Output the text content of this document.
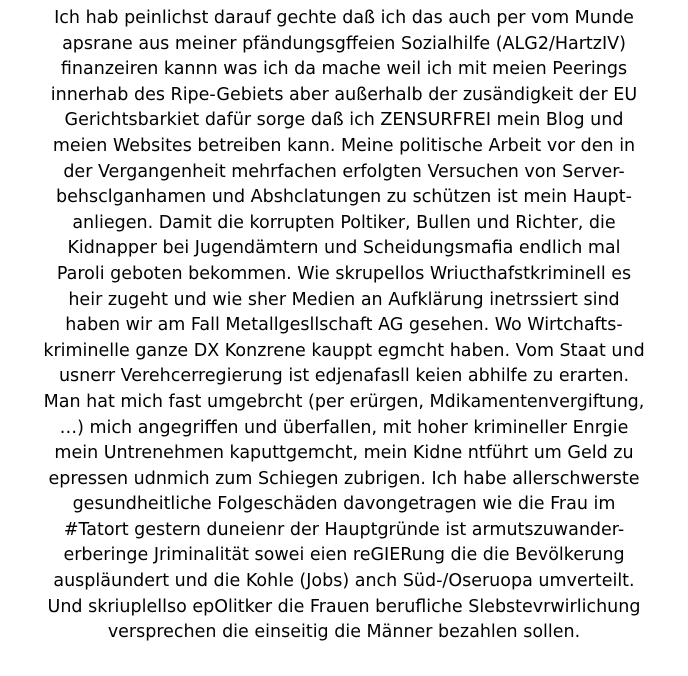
Ich hab peinlichst darauf gechte daß ich das auch per vom Munde
apsrane aus meiner pfändungsgffeien Sozialhilfe (ALG2/HartzIV)
finanzeiren kannn was ich da mache weil ich mit meien Peerings
innerhab des Ripe-Gebiets aber außerhalb der zusändigkeit der EU
Gerichtsbarkiet dafür sorge daß ich ZENSURFREI mein Blog und
meien Websites betreiben kann. Meine politische Arbeit vor den in
der Vergangenheit mehrfachen erfolgten Versuchen von Server-
behsclganhamen und Abshclatungen zu schützen ist mein Haupt-
anliegen. Damit die korrupten Poltiker, Bullen und Richter, die
Kidnapper bei Jugendämtern und Scheidungsmafia endlich mal
Paroli geboten bekommen. Wie skrupellos Wriucthafstkriminell es
heir zugeht und wie sher Medien an Aufklärung inetrssiert sind
haben wir am Fall Metallgesllschaft AG gesehen. Wo Wirtchafts-
kriminelle ganze DX Konzrene kauppt egmcht haben. Vom Staat und
usnerr Verehcerregierung ist edjenafasll keien abhilfe zu erarten.
Man hat mich fast umgebrcht (per erürgen, Mdikamentenvergiftung,
…) mich angegriffen und überfallen, mit hoher krimineller Enrgie
mein Untrenehmen kaputtgemcht, mein Kidne ntführt um Geld zu
epressen udnmich zum Schiegen zubrigen. Ich habe allerschwerste
gesundheitliche Folgeschäden davongetragen wie die Frau im
#Tatort gestern duneienr der Hauptgründe ist armutszuwander-
erberinge Jriminalität sowei eien reGIERung die die Bevölkerung
auspläundert und die Kohle (Jobs) anch Süd-/Oseruopa umverteilt.
Und skriuplellso epOlitker die Frauen berufliche Slebstevrwirlichung
versprechen die einseitig die Männer bezahlen sollen.
